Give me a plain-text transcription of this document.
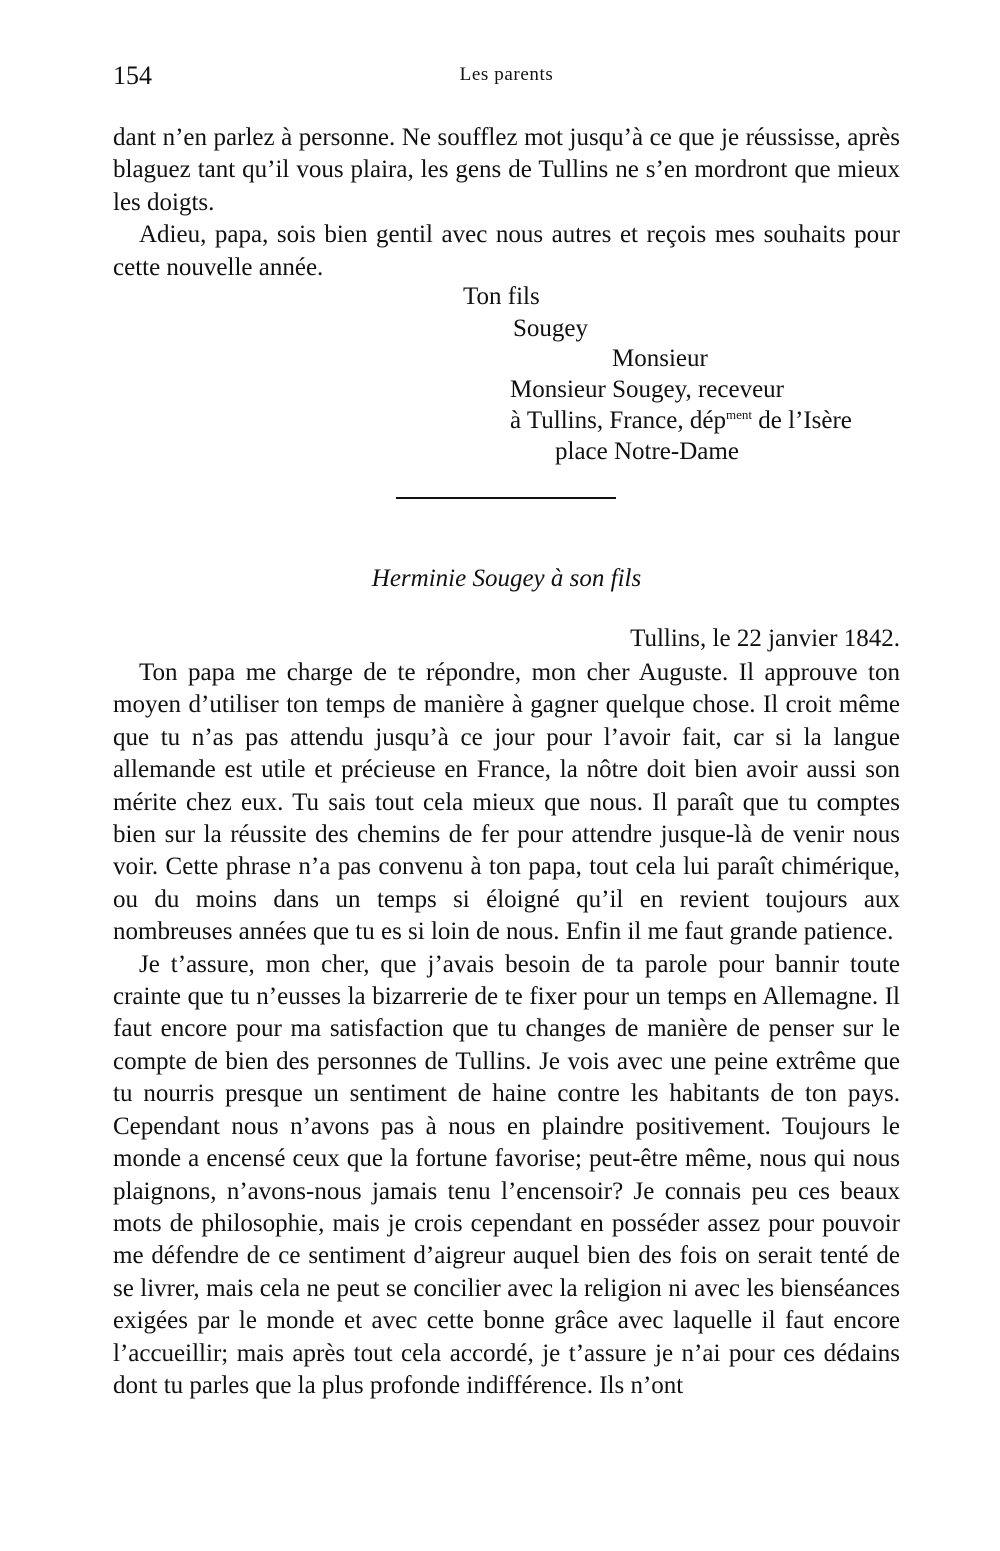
154	Les parents

dant n’en parlez à personne. Ne soufflez mot jusqu’à ce que je réussisse, après blaguez tant qu’il vous plaira, les gens de Tullins ne s’en mordront que mieux les doigts.

Adieu, papa, sois bien gentil avec nous autres et reçois mes souhaits pour cette nouvelle année.

Ton fils
Sougey
Monsieur
Monsieur Sougey, receveur
à Tullins, France, dép$^{ment}$ de l’Isère
place Notre-Dame
Herminie Sougey à son fils
Tullins, le 22 janvier 1842.

Ton papa me charge de te répondre, mon cher Auguste. Il approuve ton moyen d’utiliser ton temps de manière à gagner quelque chose. Il croit même que tu n’as pas attendu jusqu’à ce jour pour l’avoir fait, car si la langue allemande est utile et précieuse en France, la nôtre doit bien avoir aussi son mérite chez eux. Tu sais tout cela mieux que nous. Il paraît que tu comptes bien sur la réussite des chemins de fer pour attendre jusque-là de venir nous voir. Cette phrase n’a pas convenu à ton papa, tout cela lui paraît chimérique, ou du moins dans un temps si éloigné qu’il en revient toujours aux nombreuses années que tu es si loin de nous. Enfin il me faut grande patience.

Je t’assure, mon cher, que j’avais besoin de ta parole pour bannir toute crainte que tu n’eusses la bizarrerie de te fixer pour un temps en Allemagne. Il faut encore pour ma satisfaction que tu changes de manière de penser sur le compte de bien des personnes de Tullins. Je vois avec une peine extrême que tu nourris presque un sentiment de haine contre les habitants de ton pays. Cependant nous n’avons pas à nous en plaindre positivement. Toujours le monde a encensé ceux que la fortune favorise; peut-être même, nous qui nous plaignons, n’avons-nous jamais tenu l’encensoir? Je connais peu ces beaux mots de philosophie, mais je crois cependant en posséder assez pour pouvoir me défendre de ce sentiment d’aigreur auquel bien des fois on serait tenté de se livrer, mais cela ne peut se concilier avec la religion ni avec les bienséances exigées par le monde et avec cette bonne grâce avec laquelle il faut encore l’accueillir; mais après tout cela accordé, je t’assure je n’ai pour ces dédains dont tu parles que la plus profonde indifférence. Ils n’ont
